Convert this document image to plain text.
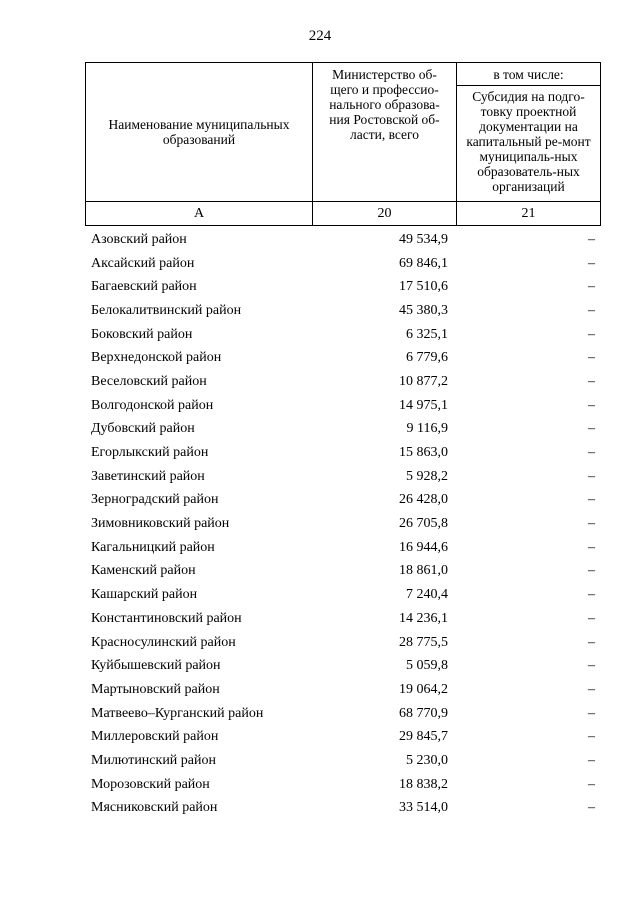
224
Наименование муниципальных образований	Министерство об-щего и профессио-нального образова-ния Ростовской об-ласти, всего	в том числе:

		Субсидия на подго-товку проектной документации на капитальный ре-монт муниципаль-ных образователь-ных организаций

А	20	21
Азовский район	49 534,9	–
Аксайский район	69 846,1	–
Багаевский район	17 510,6	–
Белокалитвинский район	45 380,3	–
Боковский район	6 325,1	–
Верхнедонской район	6 779,6	–
Веселовский район	10 877,2	–
Волгодонской район	14 975,1	–
Дубовский район	9 116,9	–
Егорлыкский район	15 863,0	–
Заветинский район	5 928,2	–
Зерноградский район	26 428,0	–
Зимовниковский район	26 705,8	–
Кагальницкий район	16 944,6	–
Каменский район	18 861,0	–
Кашарский район	7 240,4	–
Константиновский район	14 236,1	–
Красносулинский район	28 775,5	–
Куйбышевский район	5 059,8	–
Мартыновский район	19 064,2	–
Матвеево–Курганский район	68 770,9	–
Миллеровский район	29 845,7	–
Милютинский район	5 230,0	–
Морозовский район	18 838,2	–
Мясниковский район	33 514,0	–
